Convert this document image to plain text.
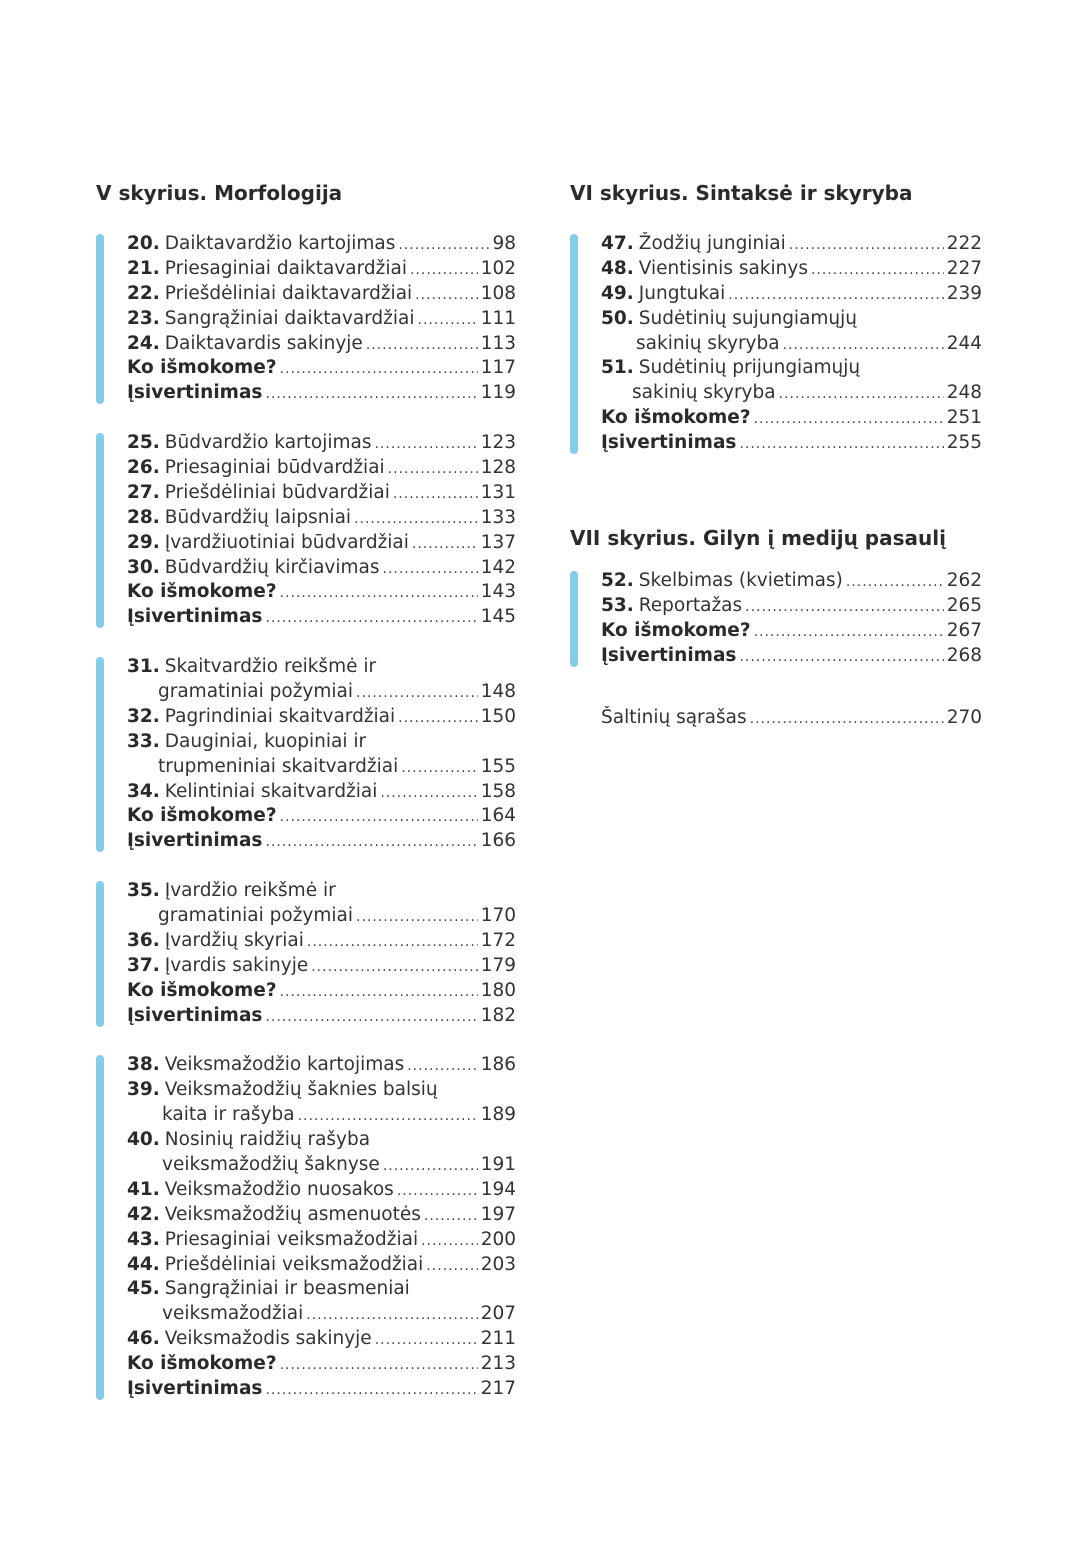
V skyrius. Morfologija
20. Daiktavardžio kartojimas .....	98
21. Priesaginiai daiktavardžiai .....	102
22. Priešdėliniai daiktavardžiai .....	108
23. Sangrąžiniai daiktavardžiai .....	111
24. Daiktavardis sakinyje .....	113
Ko išmokome? .....	117
Įsivertinimas .....	119
25. Būdvardžio kartojimas .....	123
26. Priesaginiai būdvardžiai .....	128
27. Priešdėliniai būdvardžiai .....	131
28. Būdvardžių laipsniai .....	133
29. Įvardžiuotiniai būdvardžiai .....	137
30. Būdvardžių kirčiavimas .....	142
Ko išmokome? .....	143
Įsivertinimas .....	145
31. Skaitvardžio reikšmė ir
gramatiniai požymiai .....	148
32. Pagrindiniai skaitvardžiai .....	150
33. Dauginiai, kuopiniai ir
trupmeniniai skaitvardžiai .....	155
34. Kelintiniai skaitvardžiai .....	158
Ko išmokome? .....	164
Įsivertinimas .....	166
35. Įvardžio reikšmė ir
gramatiniai požymiai .....	170
36. Įvardžių skyriai .....	172
37. Įvardis sakinyje .....	179
Ko išmokome? .....	180
Įsivertinimas .....	182
38. Veiksmažodžio kartojimas .....	186
39. Veiksmažodžių šaknies balsių
kaita ir rašyba .....	189
40. Nosinių raidžių rašyba
veiksmažodžių šaknyse .....	191
41. Veiksmažodžio nuosakos .....	194
42. Veiksmažodžių asmenuotės .....	197
43. Priesaginiai veiksmažodžiai .....	200
44. Priešdėliniai veiksmažodžiai .....	203
45. Sangrąžiniai ir beasmeniai
veiksmažodžiai .....	207
46. Veiksmažodis sakinyje .....	211
Ko išmokome? .....	213
Įsivertinimas .....	217
VI skyrius. Sintaksė ir skyryba
47. Žodžių junginiai .....	222
48. Vientisinis sakinys .....	227
49. Jungtukai .....	239
50. Sudėtinių sujungiamųjų
sakinių skyryba .....	244
51. Sudėtinių prijungiamųjų
sakinių skyryba .....	248
Ko išmokome? .....	251
Įsivertinimas .....	255
VII skyrius. Gilyn į medijų pasaulį
52. Skelbimas (kvietimas) .....	262
53. Reportažas .....	265
Ko išmokome? .....	267
Įsivertinimas .....	268
Šaltinių sąrašas .....	270
